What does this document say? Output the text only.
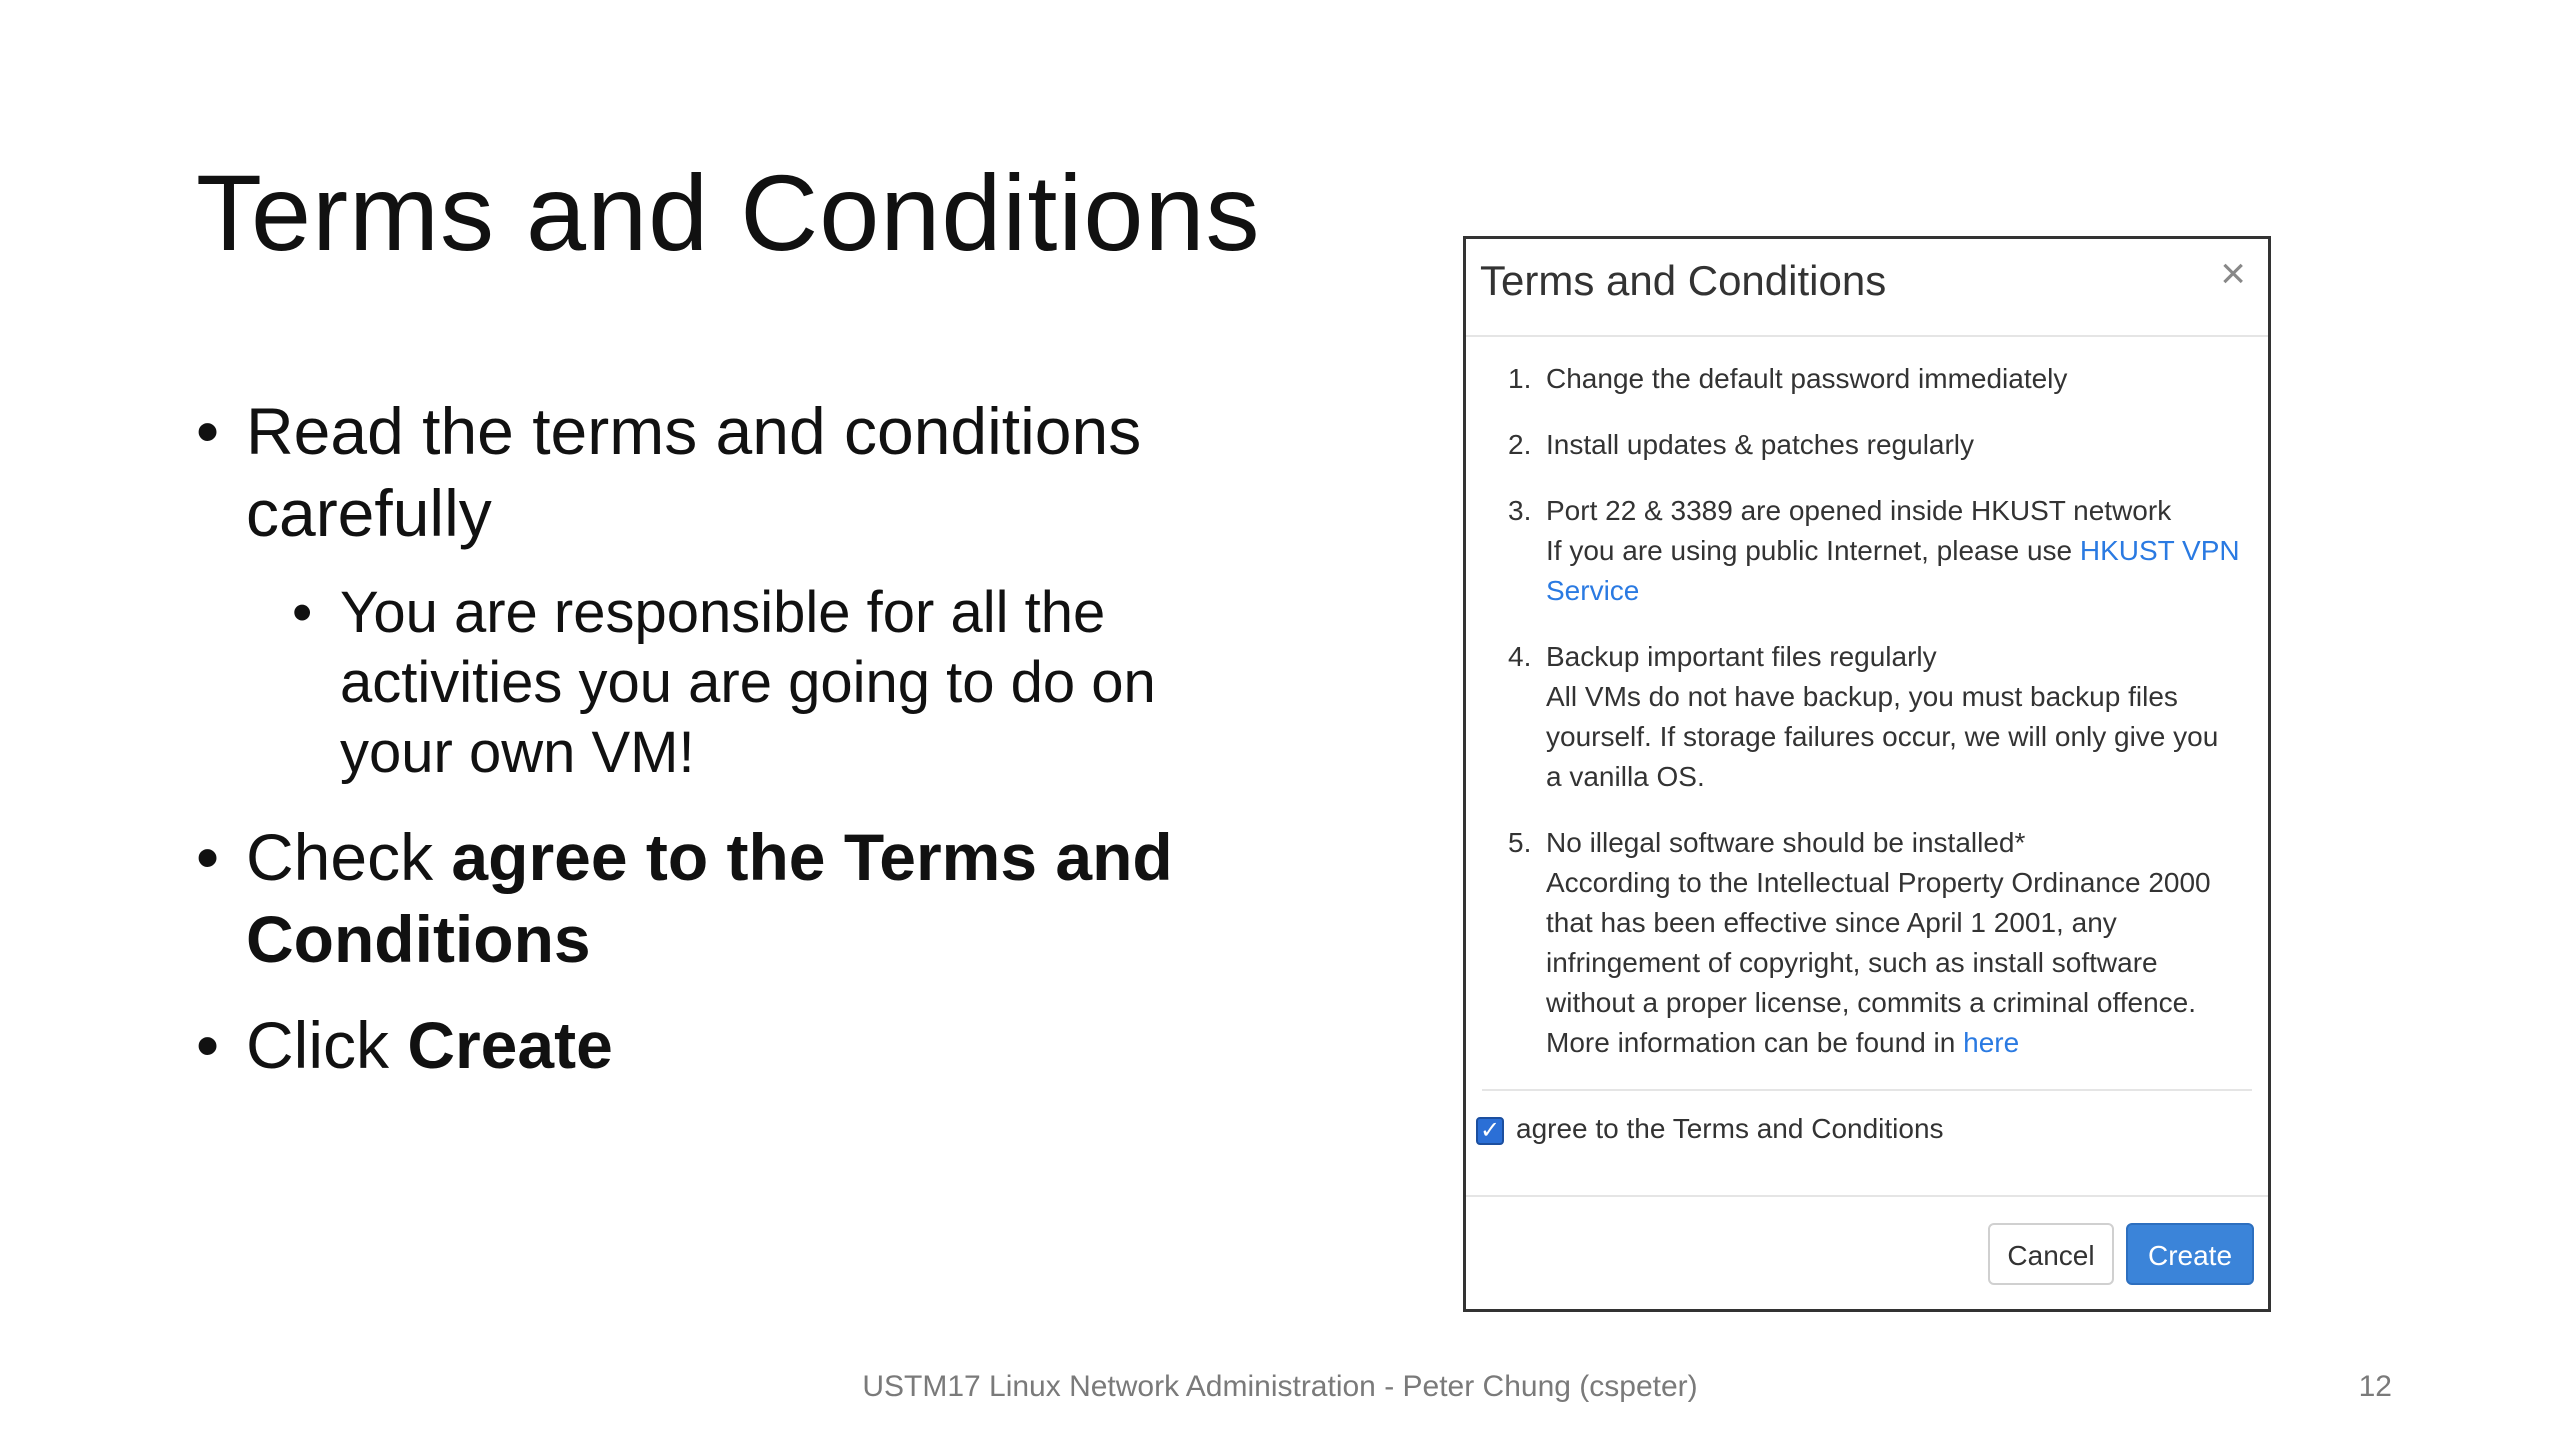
Terms and Conditions
• Read the terms and conditions carefully
• You are responsible for all the activities you are going to do on your own VM!
• Check agree to the Terms and Conditions
• Click Create
Terms and Conditions	×
1. Change the default password immediately
2. Install updates & patches regularly
3. Port 22 & 3389 are opened inside HKUST network
If you are using public Internet, please use HKUST VPN Service
4. Backup important files regularly
All VMs do not have backup, you must backup files yourself. If storage failures occur, we will only give you a vanilla OS.
5. No illegal software should be installed*
According to the Intellectual Property Ordinance 2000 that has been effective since April 1 2001, any infringement of copyright, such as install software without a proper license, commits a criminal offence. More information can be found in here
✓ agree to the Terms and Conditions
Cancel	Create
USTM17 Linux Network Administration - Peter Chung (cspeter)	12
